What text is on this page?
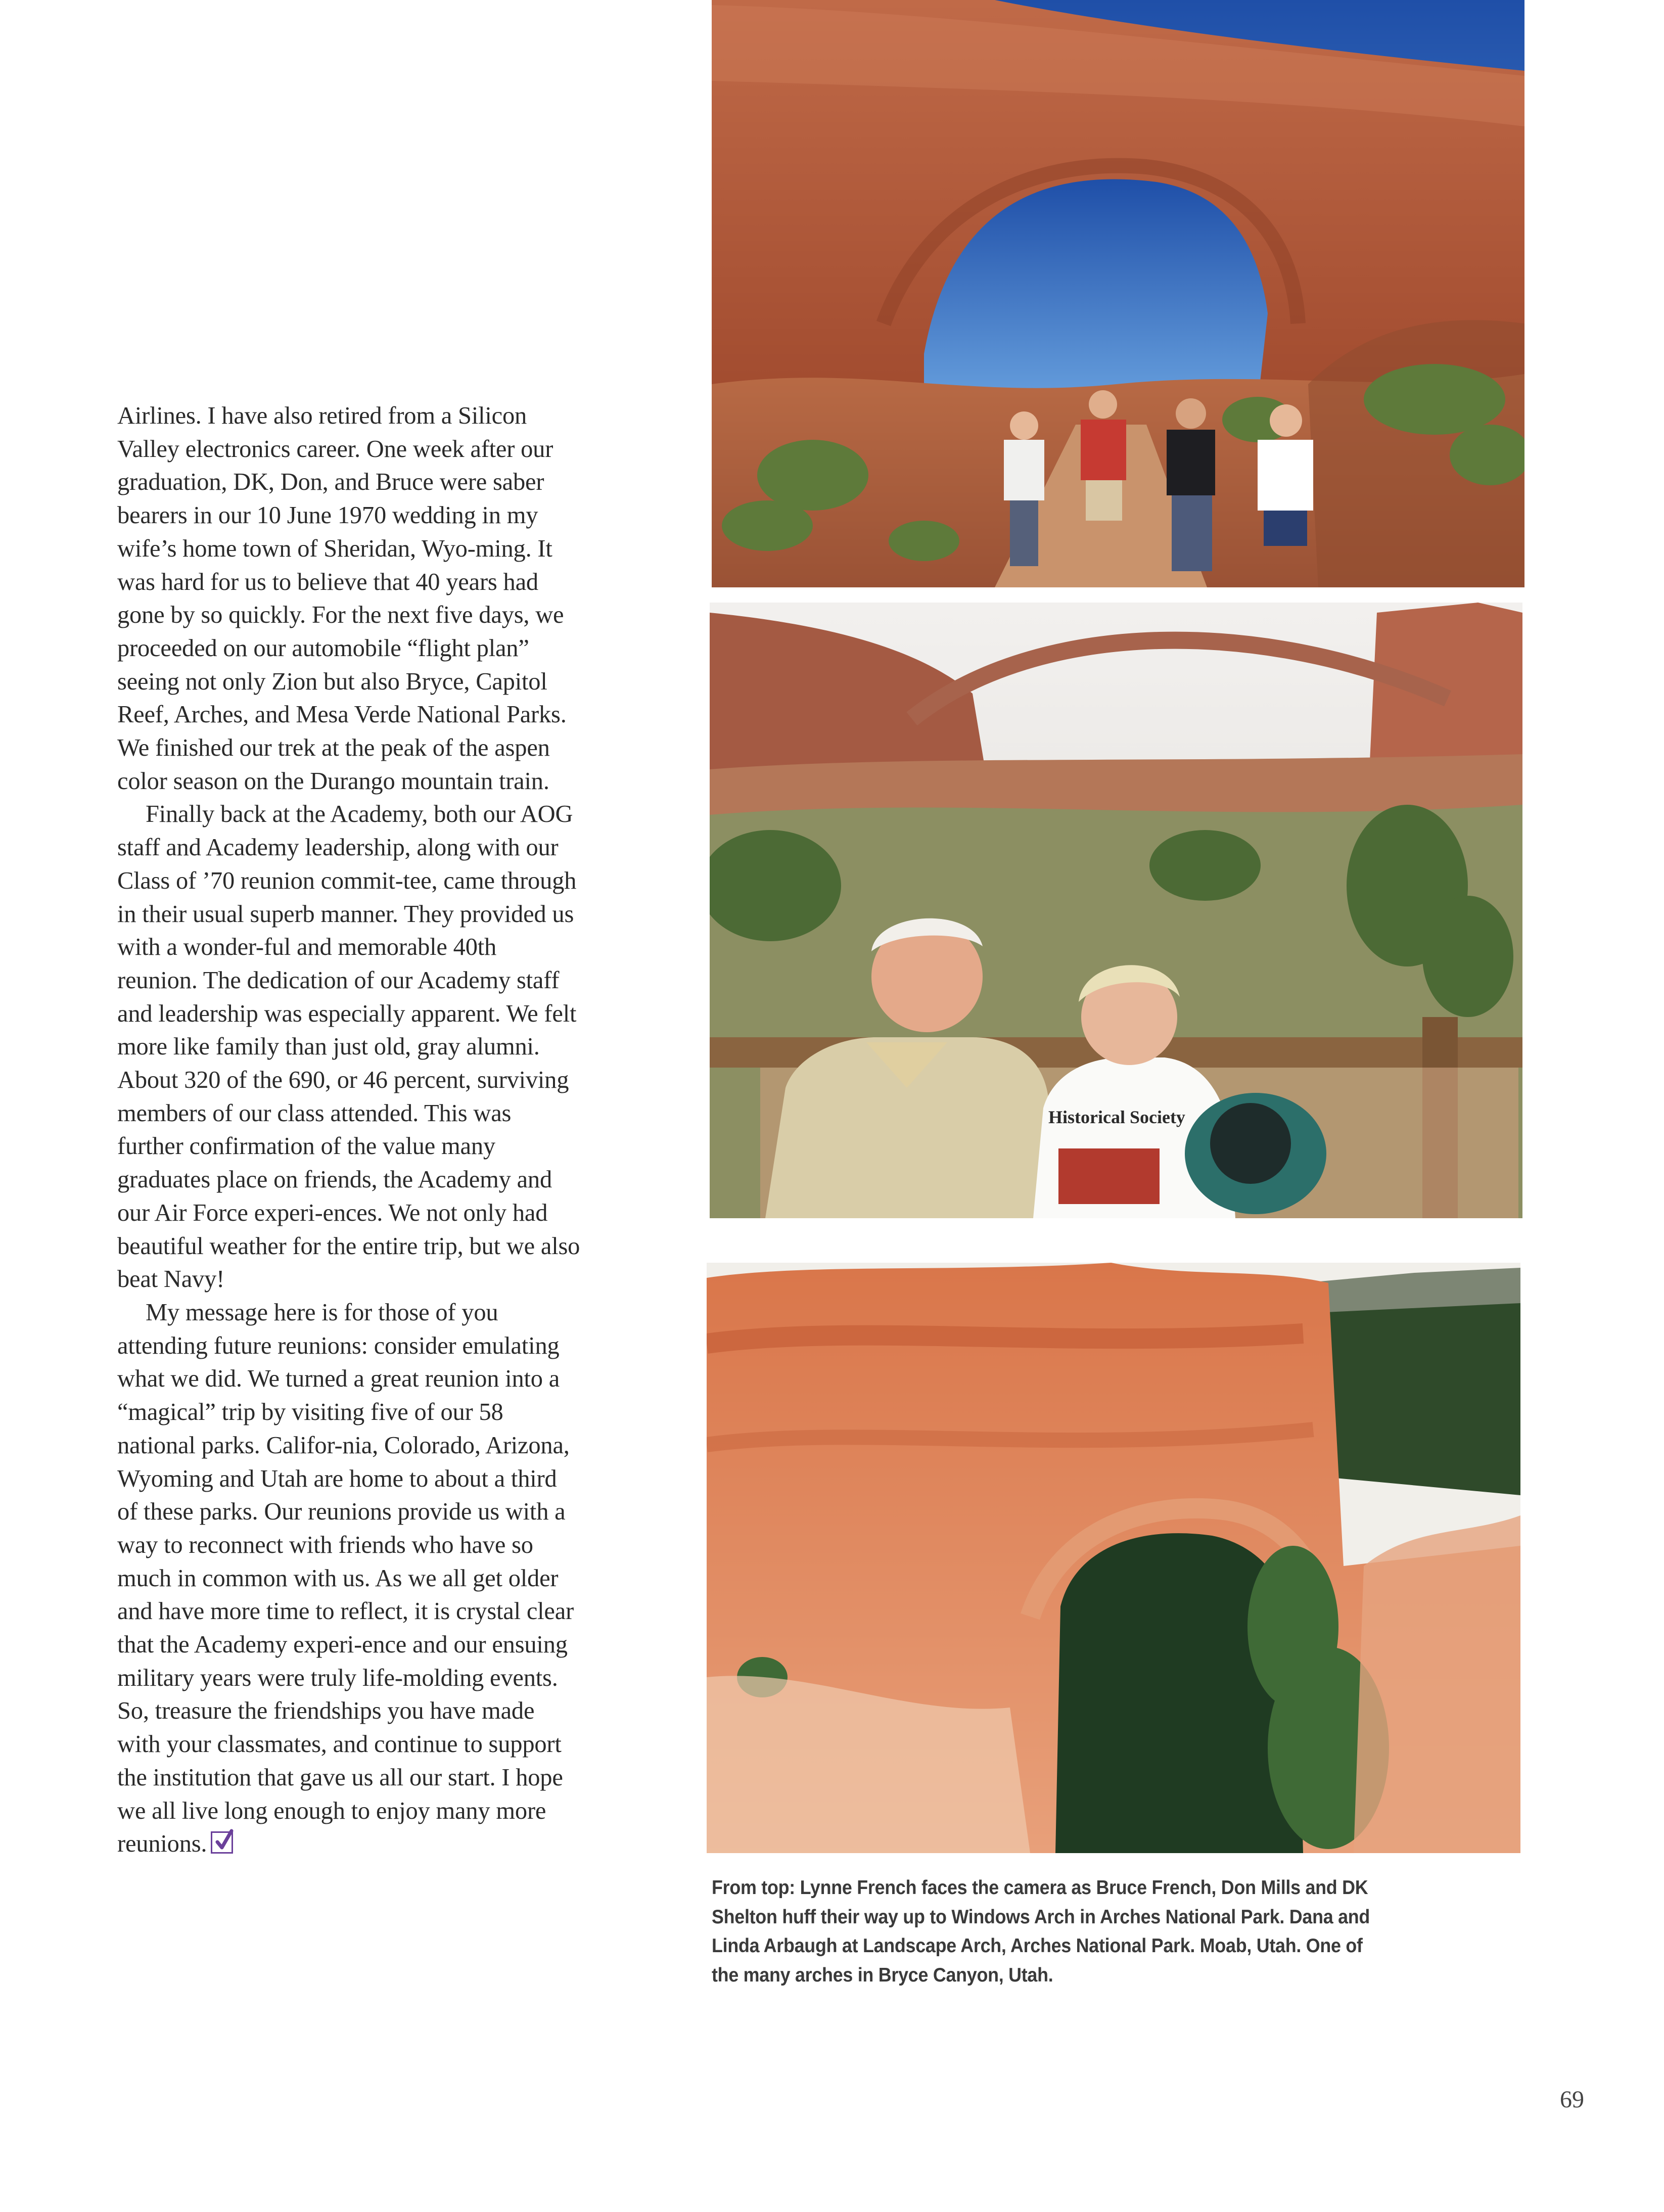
Airlines. I have also retired from a Silicon Valley electronics career. One week after our graduation, DK, Don, and Bruce were saber bearers in our 10 June 1970 wedding in my wife’s home town of Sheridan, Wyo-ming. It was hard for us to believe that 40 years had gone by so quickly. For the next five days, we proceeded on our automobile “flight plan” seeing not only Zion but also Bryce, Capitol Reef, Arches, and Mesa Verde National Parks. We finished our trek at the peak of the aspen color season on the Durango mountain train.

Finally back at the Academy, both our AOG staff and Academy leadership, along with our Class of ’70 reunion commit-tee, came through in their usual superb manner. They provided us with a wonder-ful and memorable 40th reunion. The dedication of our Academy staff and leadership was especially apparent. We felt more like family than just old, gray alumni. About 320 of the 690, or 46 percent, surviving members of our class attended. This was further confirmation of the value many graduates place on friends, the Academy and our Air Force experi-ences. We not only had beautiful weather for the entire trip, but we also beat Navy!

My message here is for those of you attending future reunions: consider emulating what we did. We turned a great reunion into a “magical” trip by visiting five of our 58 national parks. Califor-nia, Colorado, Arizona, Wyoming and Utah are home to about a third of these parks. Our reunions provide us with a way to reconnect with friends who have so much in common with us. As we all get older and have more time to reflect, it is crystal clear that the Academy experi-ence and our ensuing military years were truly life-molding events. So, treasure the friendships you have made with your classmates, and continue to support the institution that gave us all our start. I hope we all live long enough to enjoy many more reunions.

Historical Society
From top: Lynne French faces the camera as Bruce French, Don Mills and DK Shelton huff their way up to Windows Arch in Arches National Park. Dana and Linda Arbaugh at Landscape Arch, Arches National Park. Moab, Utah. One of the many arches in Bryce Canyon, Utah.
69
